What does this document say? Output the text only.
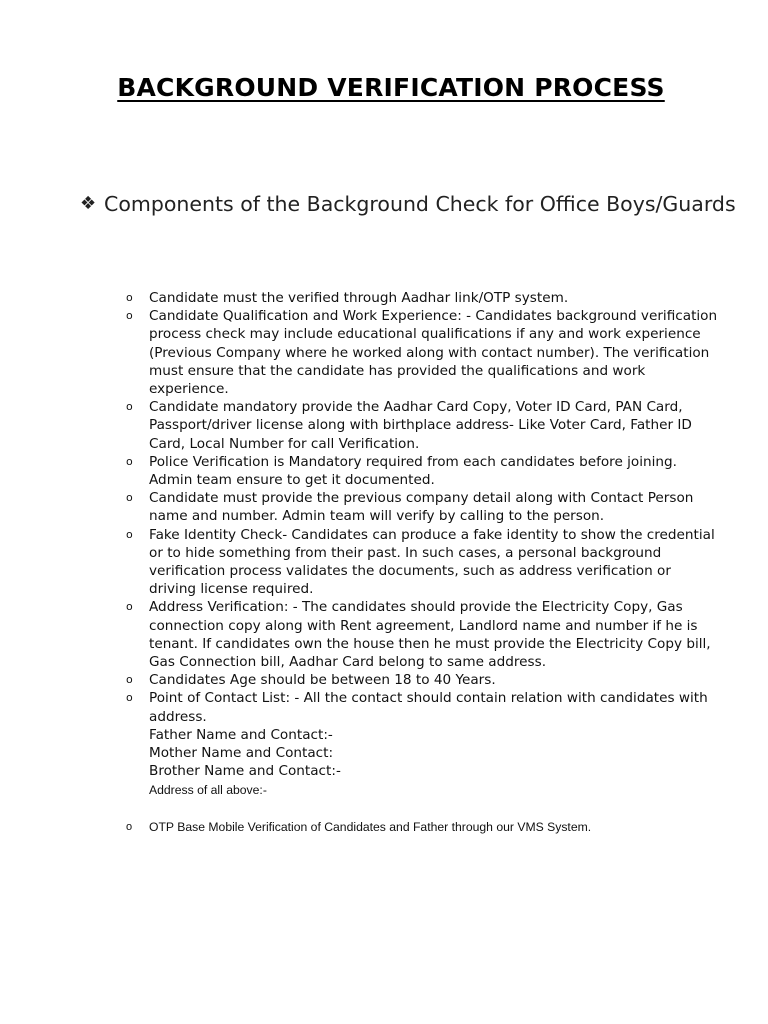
BACKGROUND VERIFICATION PROCESS
❖ Components of the Background Check for Office Boys/Guards
o Candidate must the verified through Aadhar link/OTP system.
o Candidate Qualification and Work Experience: - Candidates background verification process check may include educational qualifications if any and work experience (Previous Company where he worked along with contact number). The verification must ensure that the candidate has provided the qualifications and work experience.
o Candidate mandatory provide the Aadhar Card Copy, Voter ID Card, PAN Card, Passport/driver license along with birthplace address- Like Voter Card, Father ID Card, Local Number for call Verification.
o Police Verification is Mandatory required from each candidates before joining. Admin team ensure to get it documented.
o Candidate must provide the previous company detail along with Contact Person name and number. Admin team will verify by calling to the person.
o Fake Identity Check- Candidates can produce a fake identity to show the credential or to hide something from their past. In such cases, a personal background verification process validates the documents, such as address verification or driving license required.
o Address Verification: - The candidates should provide the Electricity Copy, Gas connection copy along with Rent agreement, Landlord name and number if he is tenant. If candidates own the house then he must provide the Electricity Copy bill, Gas Connection bill, Aadhar Card belong to same address.
o Candidates Age should be between 18 to 40 Years.
o Point of Contact List: - All the contact should contain relation with candidates with address.
Father Name and Contact:-
Mother Name and Contact:
Brother Name and Contact:-
Address of all above:-
o OTP Base Mobile Verification of Candidates and Father through our VMS System.
